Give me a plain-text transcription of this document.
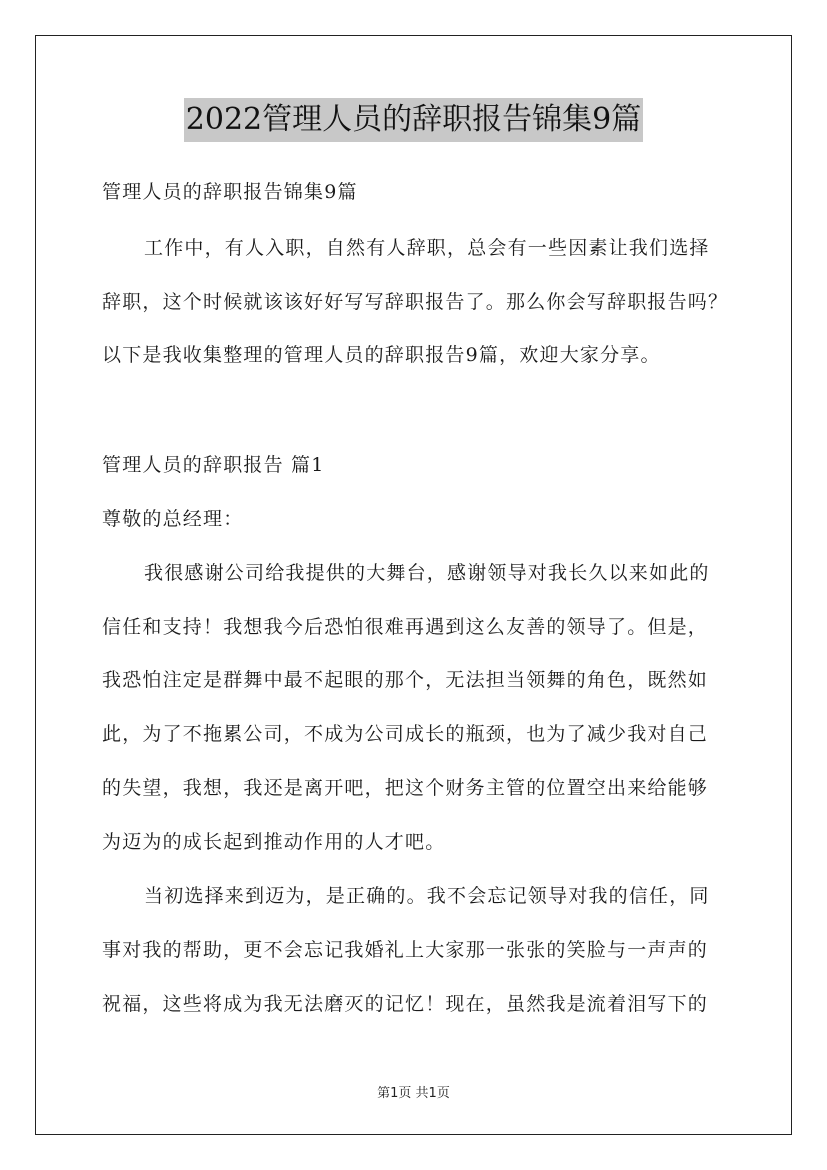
2022管理人员的辞职报告锦集9篇
管理人员的辞职报告锦集9篇
工作中，有人入职，自然有人辞职，总会有一些因素让我们选择
辞职，这个时候就该该好好写写辞职报告了。那么你会写辞职报告吗？
以下是我收集整理的管理人员的辞职报告9篇，欢迎大家分享。
管理人员的辞职报告 篇1
尊敬的总经理：
我很感谢公司给我提供的大舞台，感谢领导对我长久以来如此的
信任和支持！我想我今后恐怕很难再遇到这么友善的领导了。但是，
我恐怕注定是群舞中最不起眼的那个，无法担当领舞的角色，既然如
此，为了不拖累公司，不成为公司成长的瓶颈，也为了减少我对自己
的失望，我想，我还是离开吧，把这个财务主管的位置空出来给能够
为迈为的成长起到推动作用的人才吧。
当初选择来到迈为，是正确的。我不会忘记领导对我的信任，同
事对我的帮助，更不会忘记我婚礼上大家那一张张的笑脸与一声声的
祝福，这些将成为我无法磨灭的记忆！现在，虽然我是流着泪写下的
第1页 共1页
